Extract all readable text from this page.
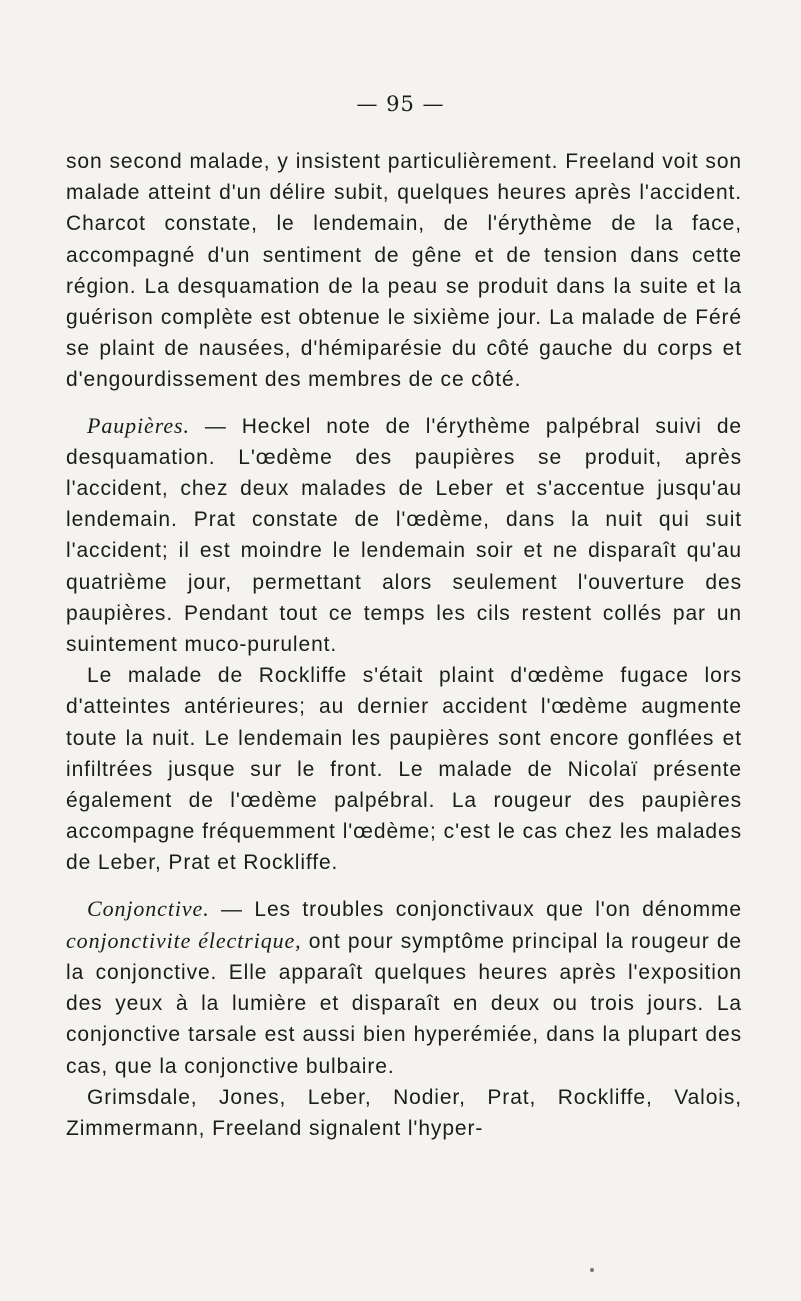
— 95 —

son second malade, y insistent particulièrement. Freeland voit son malade atteint d'un délire subit, quelques heures après l'accident. Charcot constate, le lendemain, de l'érythème de la face, accompagné d'un sentiment de gêne et de tension dans cette région. La desquamation de la peau se produit dans la suite et la guérison complète est obtenue le sixième jour. La malade de Féré se plaint de nausées, d'hémiparésie du côté gauche du corps et d'engourdissement des membres de ce côté.

Paupières. — Heckel note de l'érythème palpébral suivi de desquamation. L'œdème des paupières se produit, après l'accident, chez deux malades de Leber et s'accentue jusqu'au lendemain. Prat constate de l'œdème, dans la nuit qui suit l'accident; il est moindre le lendemain soir et ne disparaît qu'au quatrième jour, permettant alors seulement l'ouverture des paupières. Pendant tout ce temps les cils restent collés par un suintement muco-purulent.

Le malade de Rockliffe s'était plaint d'œdème fugace lors d'atteintes antérieures; au dernier accident l'œdème augmente toute la nuit. Le lendemain les paupières sont encore gonflées et infiltrées jusque sur le front. Le malade de Nicolaï présente également de l'œdème palpébral. La rougeur des paupières accompagne fréquemment l'œdème; c'est le cas chez les malades de Leber, Prat et Rockliffe.

Conjonctive. — Les troubles conjonctivaux que l'on dénomme conjonctivite électrique, ont pour symptôme principal la rougeur de la conjonctive. Elle apparaît quelques heures après l'exposition des yeux à la lumière et disparaît en deux ou trois jours. La conjonctive tarsale est aussi bien hyperémiée, dans la plupart des cas, que la conjonctive bulbaire.

Grimsdale, Jones, Leber, Nodier, Prat, Rockliffe, Valois, Zimmermann, Freeland signalent l'hyper-
